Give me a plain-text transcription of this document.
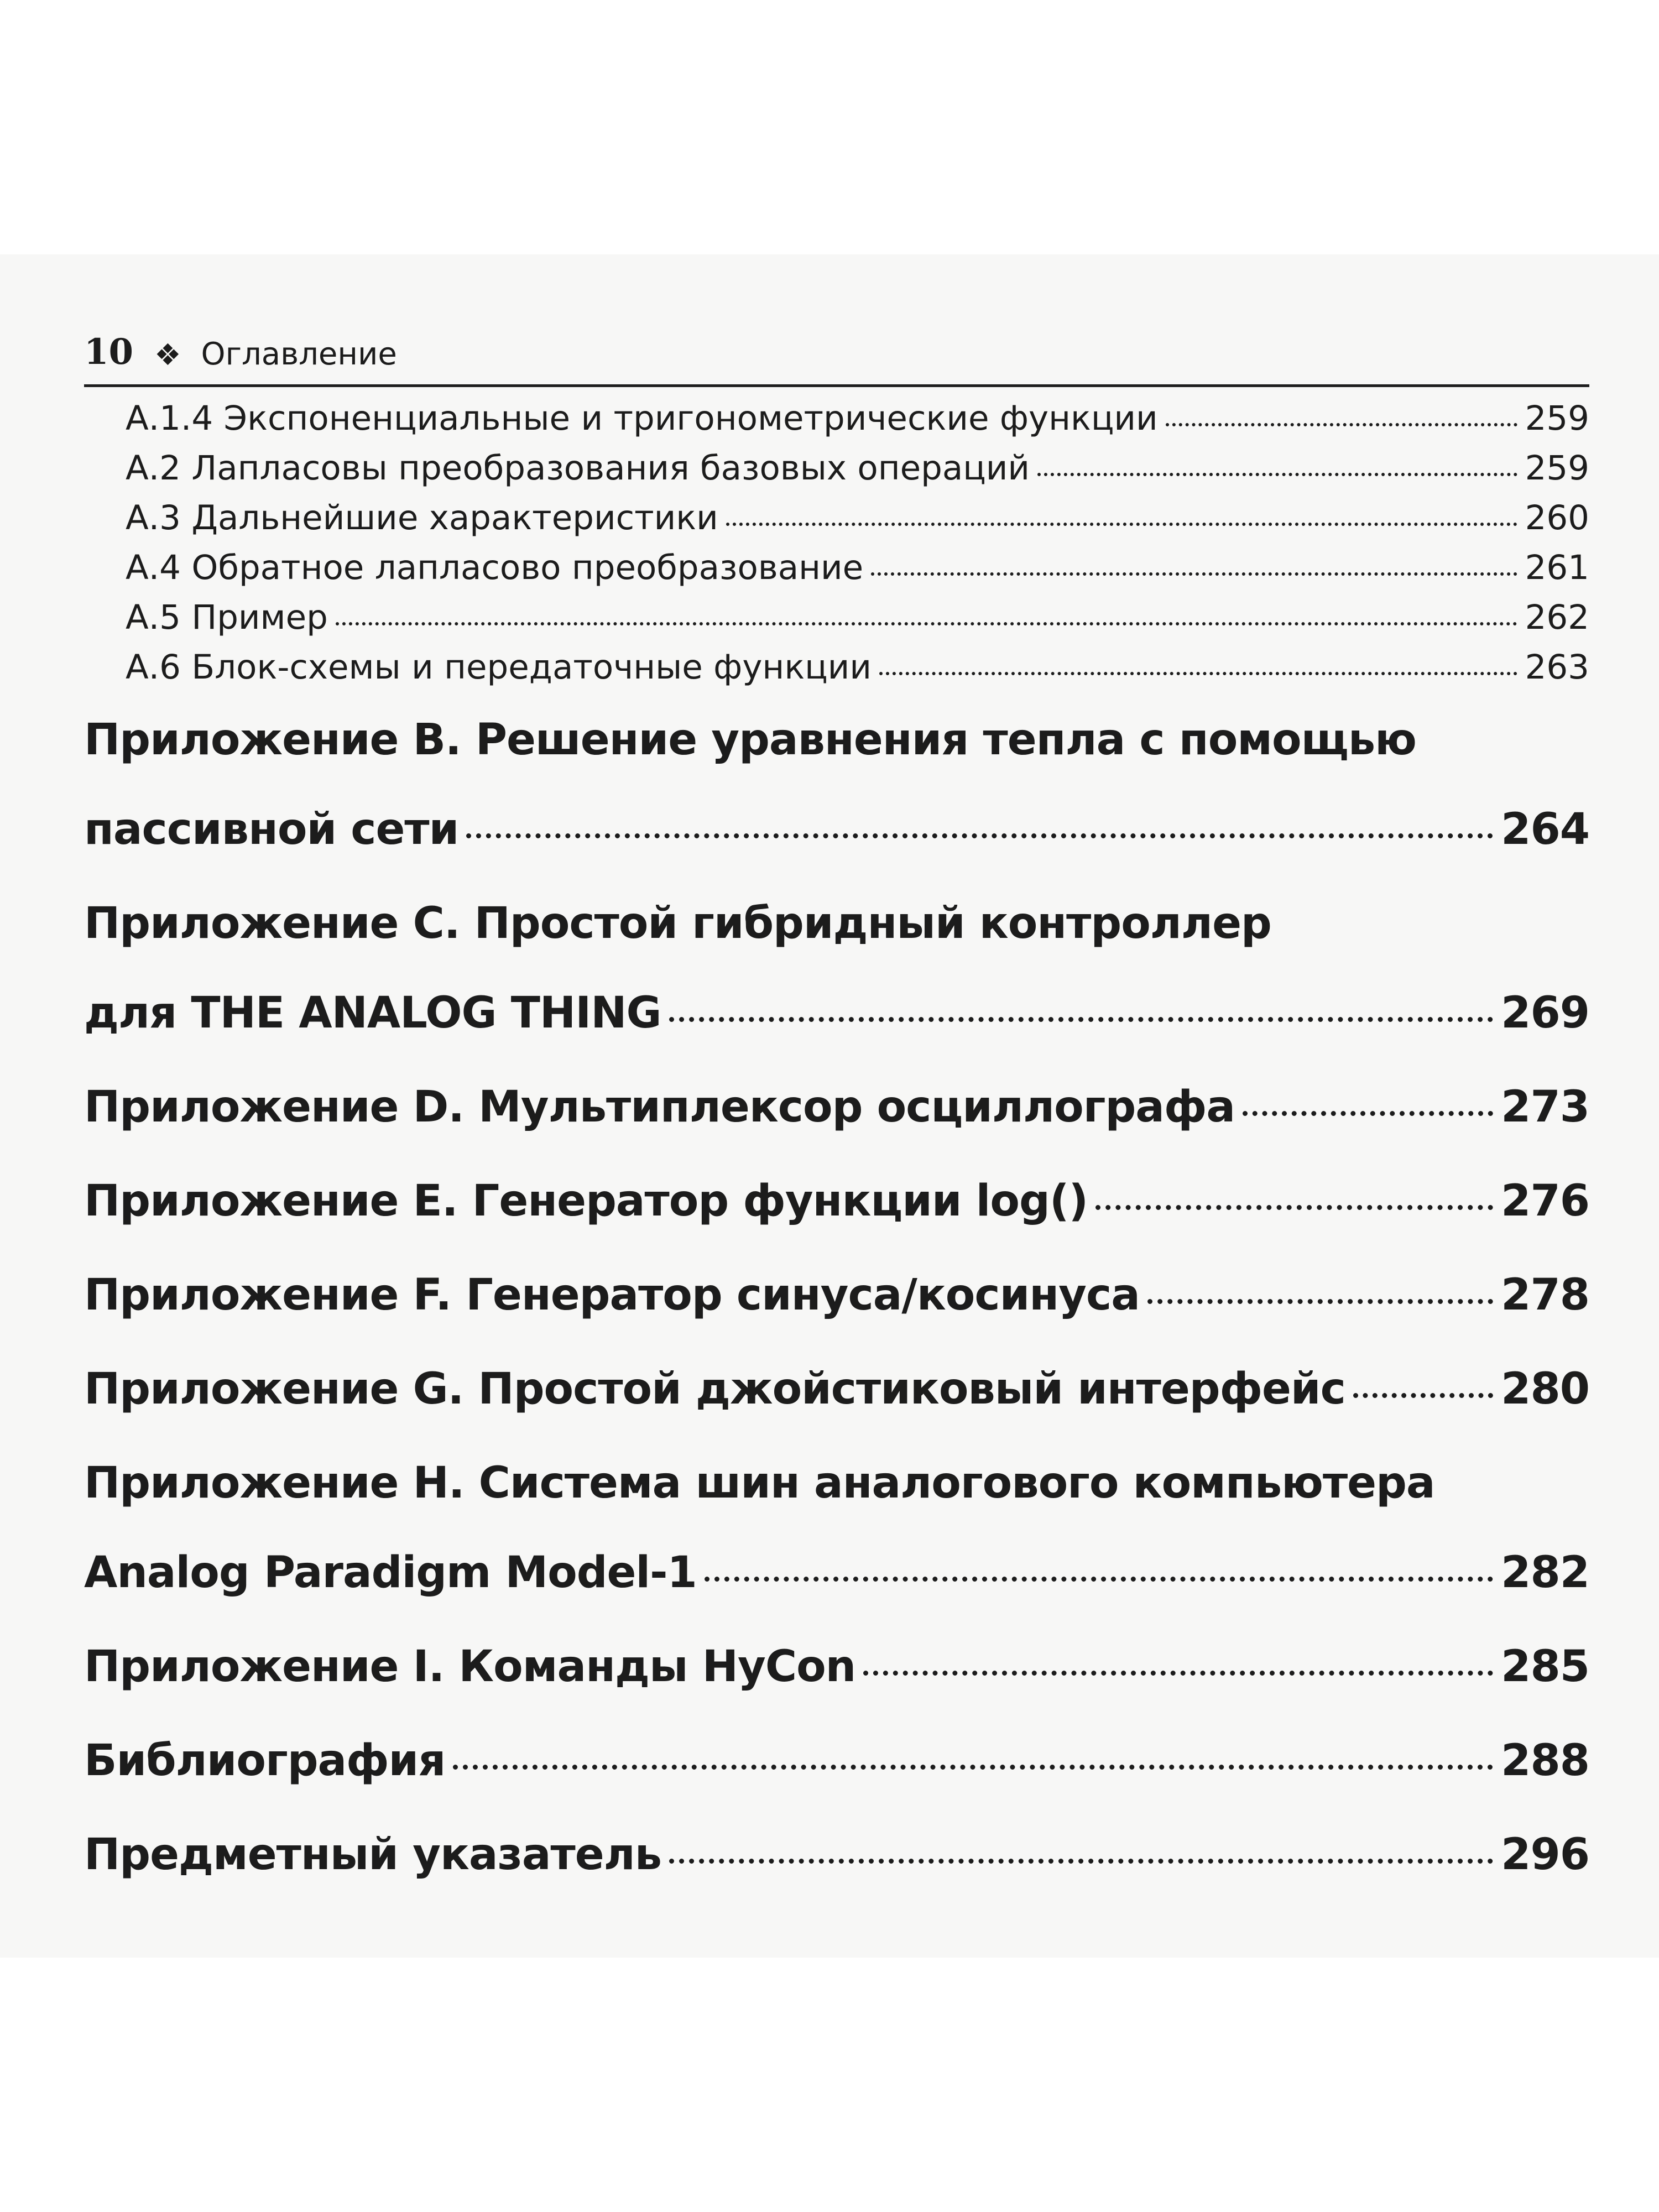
10 ❖ Оглавление
А.1.4 Экспоненциальные и тригонометрические функции	259
А.2 Лапласовы преобразования базовых операций	259
А.3 Дальнейшие характеристики	260
А.4 Обратное лапласово преобразование	261
А.5 Пример	262
А.6 Блок-схемы и передаточные функции	263
Приложение B. Решение уравнения тепла с помощью
пассивной сети	264
Приложение C. Простой гибридный контроллер
для THE ANALOG THING	269
Приложение D. Мультиплексор осциллографа	273
Приложение E. Генератор функции log()	276
Приложение F. Генератор синуса/косинуса	278
Приложение G. Простой джойстиковый интерфейс	280
Приложение H. Система шин аналогового компьютера
Analog Paradigm Model-1	282
Приложение I. Команды HyCon	285
Библиография	288
Предметный указатель	296
